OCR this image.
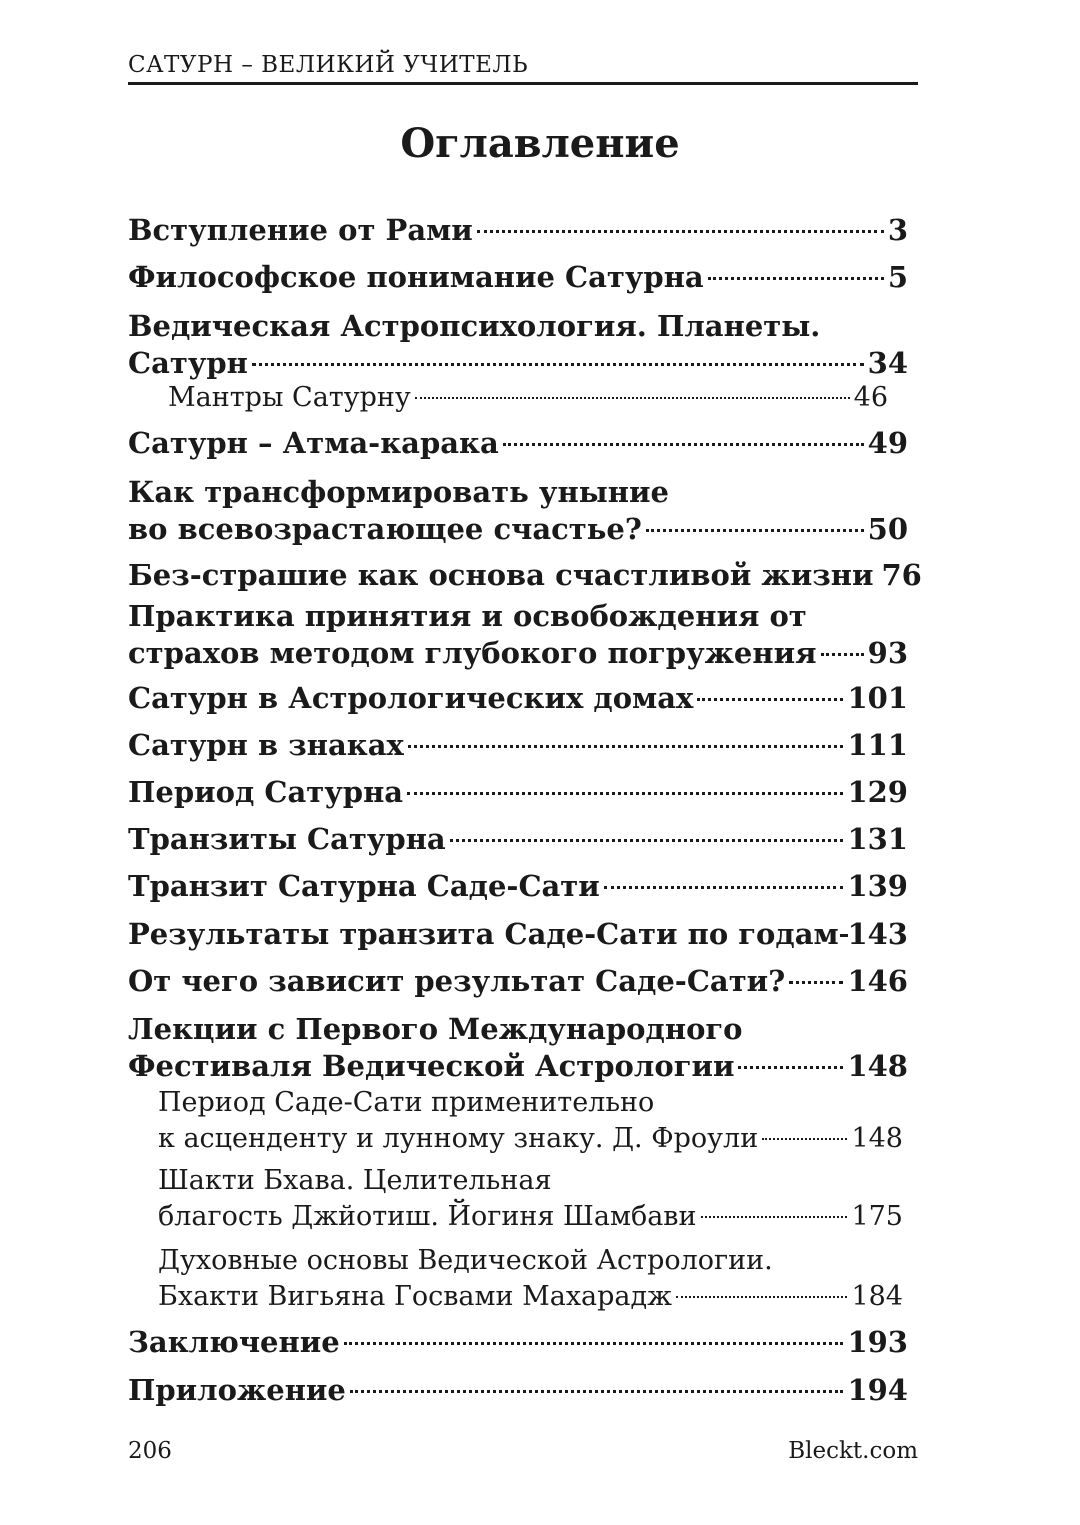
САТУРН – ВЕЛИКИЙ УЧИТЕЛЬ
Оглавление
Вступление от Рами	3
Философское понимание Сатурна	5
Ведическая Астропсихология. Планеты.
Сатурн	34
Мантры Сатурну	46
Сатурн – Атма-карака	49
Как трансформировать уныние
во всевозрастающее счастье?	50
Без-страшие как основа счастливой жизни 76
Практика принятия и освобождения от
страхов методом глубокого погружения 93
Сатурн в Астрологических домах	101
Сатурн в знаках	111
Период Сатурна	129
Транзиты Сатурна	131
Транзит Сатурна Саде-Сати	139
Результаты транзита Саде-Сати по годам 143
От чего зависит результат Саде-Сати? 146
Лекции с Первого Международного
Фестиваля Ведической Астрологии	148
Период Саде-Сати применительно
к асценденту и лунному знаку. Д. Фроули	148
Шакти Бхава. Целительная
благость Джйотиш. Йогиня Шамбави	175
Духовные основы Ведической Астрологии.
Бхакти Вигьяна Госвами Махарадж	184
Заключение	193
Приложение	194
206	Bleckt.com
